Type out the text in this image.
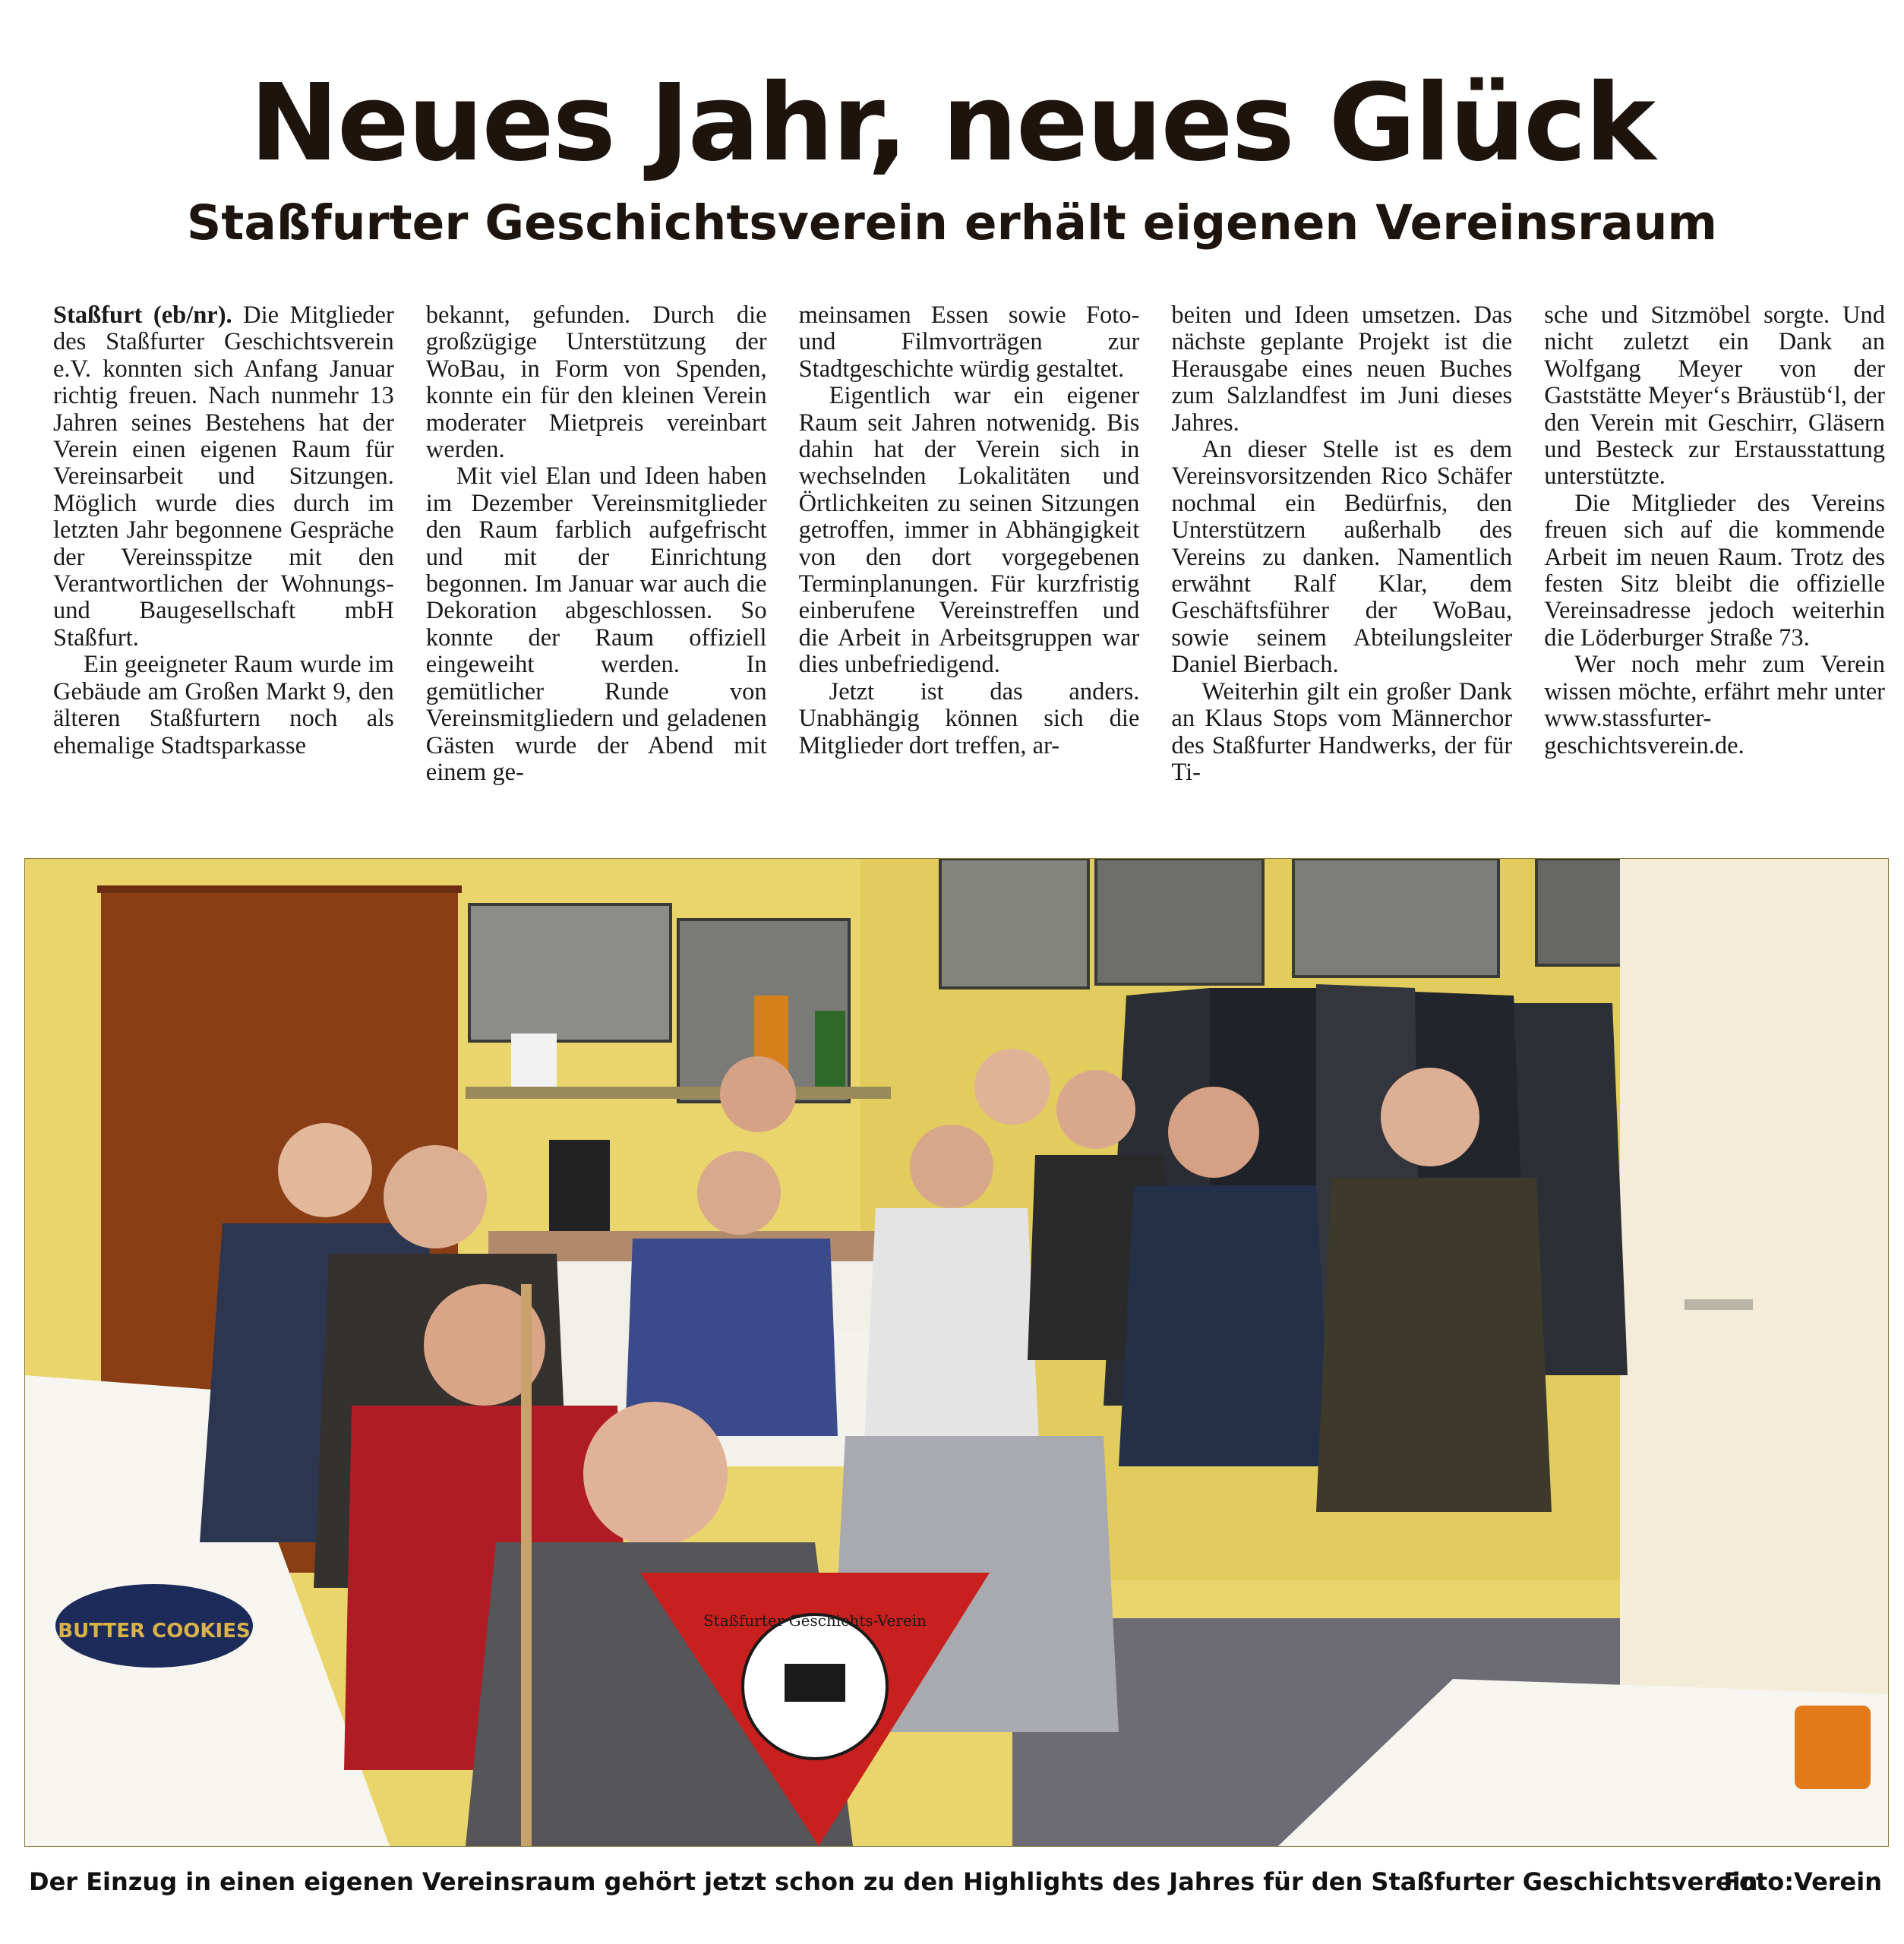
Neues Jahr, neues Glück
Staßfurter Geschichtsverein erhält eigenen Vereinsraum

Staßfurt (eb/nr). Die Mitglieder des Staßfurter Geschichtsverein e.V. konnten sich Anfang Januar richtig freuen. Nach nunmehr 13 Jahren seines Bestehens hat der Verein einen eigenen Raum für Vereinsarbeit und Sitzungen. Möglich wurde dies durch im letzten Jahr begonnene Gespräche der Vereinsspitze mit den Verantwortlichen der Wohnungs-und Baugesellschaft mbH Staßfurt.

Ein geeigneter Raum wurde im Gebäude am Großen Markt 9, den älteren Staßfurtern noch als ehemalige Stadtsparkasse

bekannt, gefunden. Durch die großzügige Unterstützung der WoBau, in Form von Spenden, konnte ein für den kleinen Verein moderater Mietpreis vereinbart werden.

Mit viel Elan und Ideen haben im Dezember Vereinsmitglieder den Raum farblich aufgefrischt und mit der Einrichtung begonnen. Im Januar war auch die Dekoration abgeschlossen. So konnte der Raum offiziell eingeweiht werden. In gemütlicher Runde von Vereinsmitgliedern und geladenen Gästen wurde der Abend mit einem ge-

meinsamen Essen sowie Foto- und Filmvorträgen zur Stadtgeschichte würdig gestaltet.

Eigentlich war ein eigener Raum seit Jahren notwenidg. Bis dahin hat der Verein sich in wechselnden Lokalitäten und Örtlichkeiten zu seinen Sitzungen getroffen, immer in Abhängigkeit von den dort vorgegebenen Terminplanungen. Für kurzfristig einberufene Vereinstreffen und die Arbeit in Arbeitsgruppen war dies unbefriedigend.

Jetzt ist das anders. Unabhängig können sich die Mitglieder dort treffen, ar-

beiten und Ideen umsetzen. Das nächste geplante Projekt ist die Herausgabe eines neuen Buches zum Salzlandfest im Juni dieses Jahres.

An dieser Stelle ist es dem Vereinsvorsitzenden Rico Schäfer nochmal ein Bedürfnis, den Unterstützern außerhalb des Vereins zu danken. Namentlich erwähnt Ralf Klar, dem Geschäftsführer der WoBau, sowie seinem Abteilungsleiter Daniel Bierbach.

Weiterhin gilt ein großer Dank an Klaus Stops vom Männerchor des Staßfurter Handwerks, der für Ti-

sche und Sitzmöbel sorgte. Und nicht zuletzt ein Dank an Wolfgang Meyer von der Gaststätte Meyer‘s Bräustüb‘l, der den Verein mit Geschirr, Gläsern und Besteck zur Erstausstattung unterstützte.

Die Mitglieder des Vereins freuen sich auf die kommende Arbeit im neuen Raum. Trotz des festen Sitz bleibt die offizielle Vereinsadresse jedoch weiterhin die Löderburger Straße 73.

Wer noch mehr zum Verein wissen möchte, erfährt mehr unter www.stassfurter-geschichtsverein.de.

BUTTER COOKIES	Staßfurter Geschichts-Verein
Der Einzug in einen eigenen Vereinsraum gehört jetzt schon zu den Highlights des Jahres für den Staßfurter Geschichtsverein.
Foto:Verein
